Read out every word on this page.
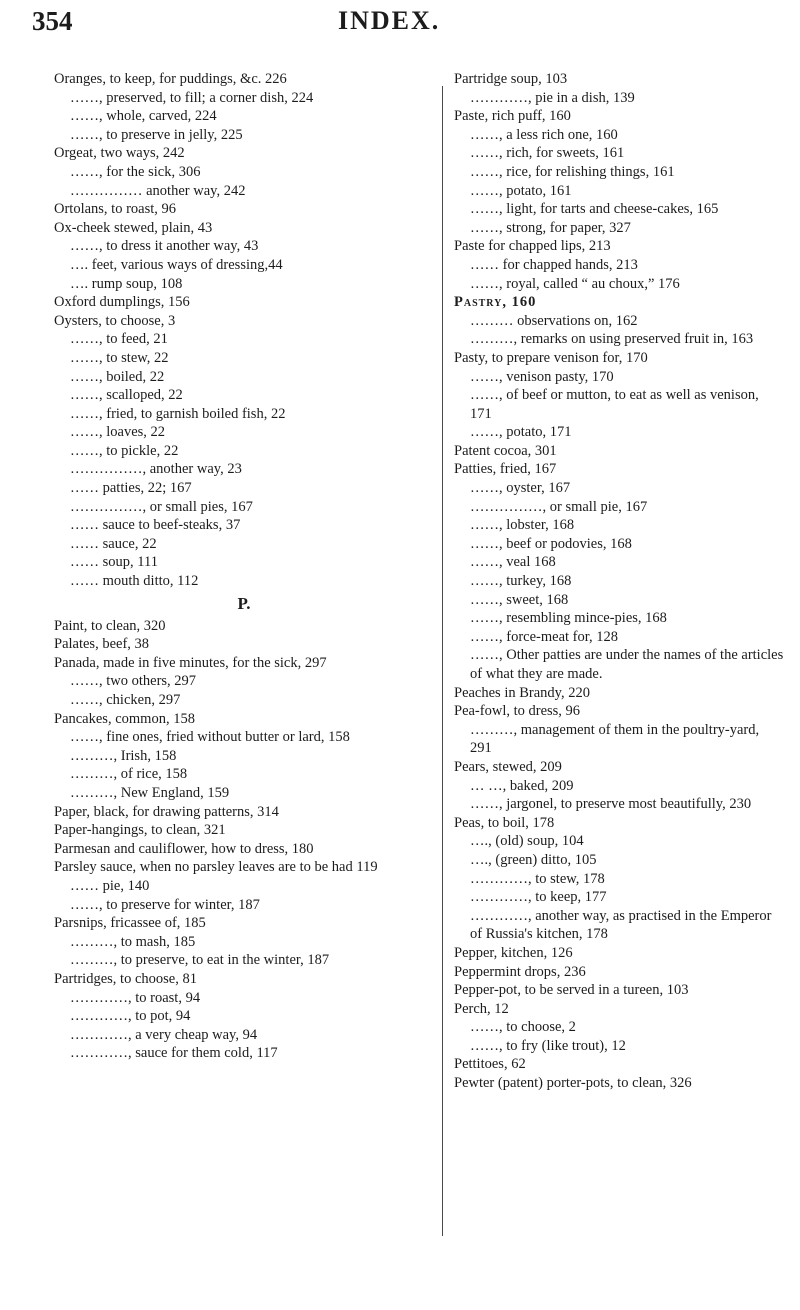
354	INDEX.
Oranges, to keep, for puddings, &c. 226
……, preserved, to fill; a corner dish, 224
……, whole, carved, 224
……, to preserve in jelly, 225
Orgeat, two ways, 242
……, for the sick, 306
…………… another way, 242
Ortolans, to roast, 96
Ox-cheek stewed, plain, 43
……, to dress it another way, 43
…. feet, various ways of dressing,44
…. rump soup, 108
Oxford dumplings, 156
Oysters, to choose, 3
……, to feed, 21
……, to stew, 22
……, boiled, 22
……, scalloped, 22
……, fried, to garnish boiled fish, 22
……, loaves, 22
……, to pickle, 22
……………, another way, 23
…… patties, 22; 167
……………, or small pies, 167
…… sauce to beef-steaks, 37
…… sauce, 22
…… soup, 111
…… mouth ditto, 112
P.
Paint, to clean, 320
Palates, beef, 38
Panada, made in five minutes, for the sick, 297
……, two others, 297
……, chicken, 297
Pancakes, common, 158
……, fine ones, fried without butter or lard, 158
………, Irish, 158
………, of rice, 158
………, New England, 159
Paper, black, for drawing patterns, 314
Paper-hangings, to clean, 321
Parmesan and cauliflower, how to dress, 180
Parsley sauce, when no parsley leaves are to be had 119
…… pie, 140
……, to preserve for winter, 187
Parsnips, fricassee of, 185
………, to mash, 185
………, to preserve, to eat in the winter, 187
Partridges, to choose, 81
…………, to roast, 94
…………, to pot, 94
…………, a very cheap way, 94
…………, sauce for them cold, 117
Partridge soup, 103
…………, pie in a dish, 139
Paste, rich puff, 160
……, a less rich one, 160
……, rich, for sweets, 161
……, rice, for relishing things, 161
……, potato, 161
……, light, for tarts and cheese-cakes, 165
……, strong, for paper, 327
Paste for chapped lips, 213
…… for chapped hands, 213
……, royal, called “ au choux,” 176
Pastry, 160
……… observations on, 162
………, remarks on using preserved fruit in, 163
Pasty, to prepare venison for, 170
……, venison pasty, 170
……, of beef or mutton, to eat as well as venison, 171
……, potato, 171
Patent cocoa, 301
Patties, fried, 167
……, oyster, 167
……………, or small pie, 167
……, lobster, 168
……, beef or podovies, 168
……, veal 168
……, turkey, 168
……, sweet, 168
……, resembling mince-pies, 168
……, force-meat for, 128
……, Other patties are under the names of the articles of what they are made.
Peaches in Brandy, 220
Pea-fowl, to dress, 96
………, management of them in the poultry-yard, 291
Pears, stewed, 209
… …, baked, 209
……, jargonel, to preserve most beautifully, 230
Peas, to boil, 178
…., (old) soup, 104
…., (green) ditto, 105
…………, to stew, 178
…………, to keep, 177
…………, another way, as practised in the Emperor of Russia's kitchen, 178
Pepper, kitchen, 126
Peppermint drops, 236
Pepper-pot, to be served in a tureen, 103
Perch, 12
……, to choose, 2
……, to fry (like trout), 12
Pettitoes, 62
Pewter (patent) porter-pots, to clean, 326
